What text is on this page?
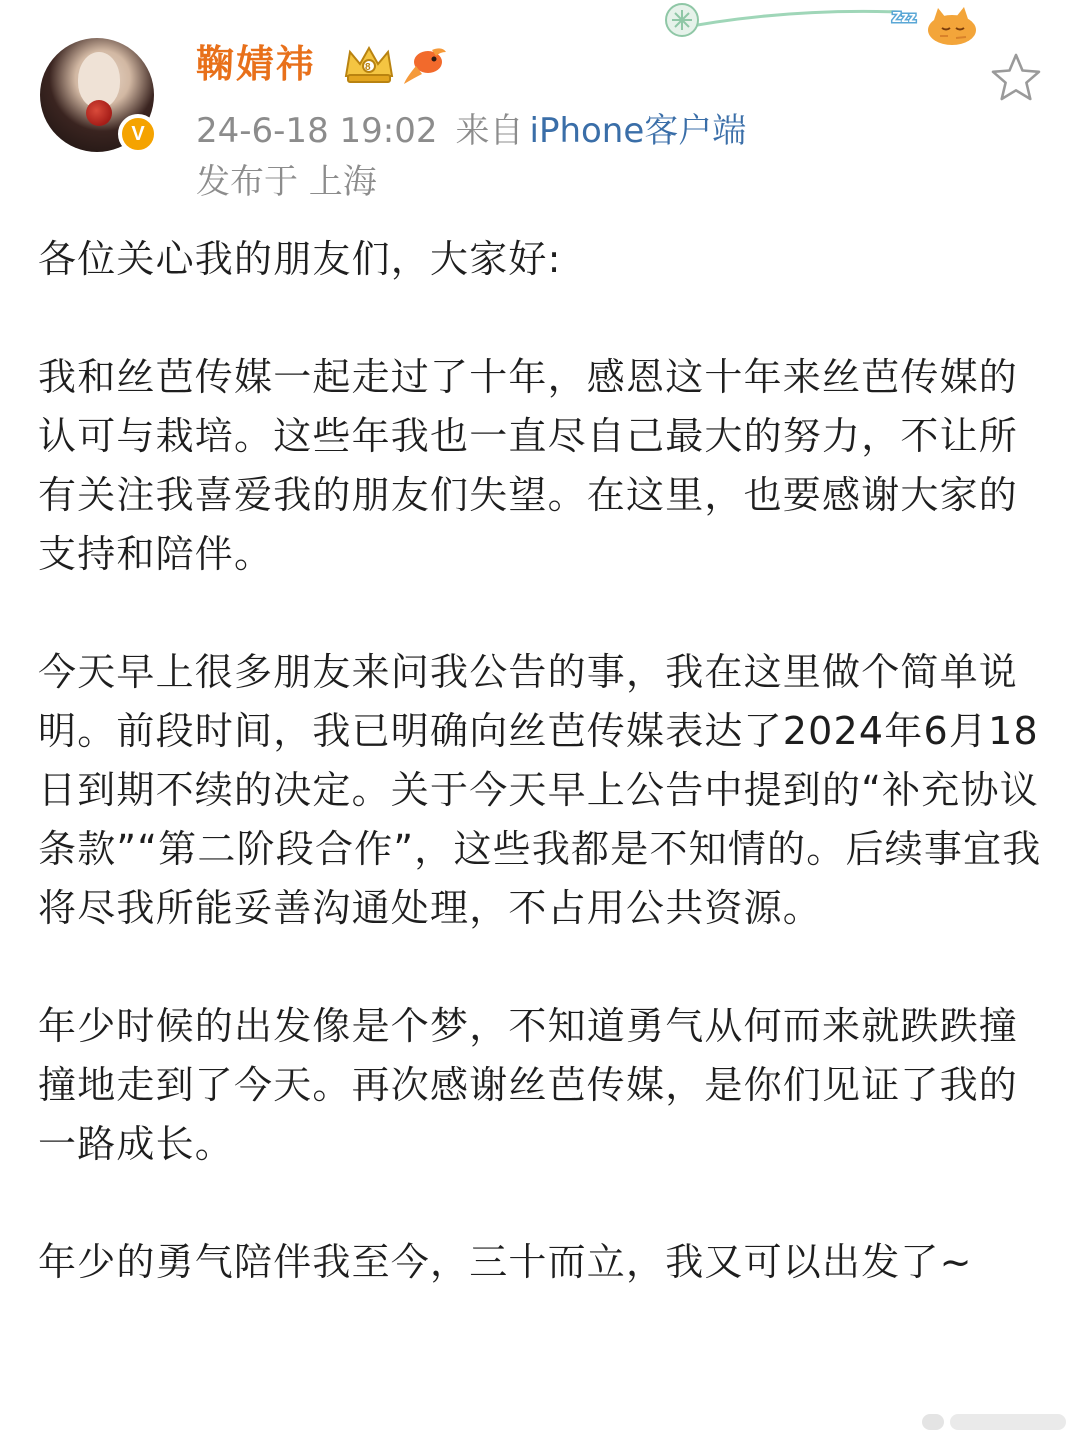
Zzz
V
鞠婧祎	8
24-6-18 19:02 来自 iPhone客户端
发布于 上海

各位关心我的朋友们，大家好:

我和丝芭传媒一起走过了十年，感恩这十年来丝芭传媒的认可与栽培。这些年我也一直尽自己最大的努力，不让所有关注我喜爱我的朋友们失望。在这里，也要感谢大家的支持和陪伴。

今天早上很多朋友来问我公告的事，我在这里做个简单说明。前段时间，我已明确向丝芭传媒表达了2024年6月18日到期不续的决定。关于今天早上公告中提到的“补充协议条款”“第二阶段合作”，这些我都是不知情的。后续事宜我将尽我所能妥善沟通处理，不占用公共资源。

年少时候的出发像是个梦，不知道勇气从何而来就跌跌撞撞地走到了今天。再次感谢丝芭传媒，是你们见证了我的一路成长。

年少的勇气陪伴我至今，三十而立，我又可以出发了~
